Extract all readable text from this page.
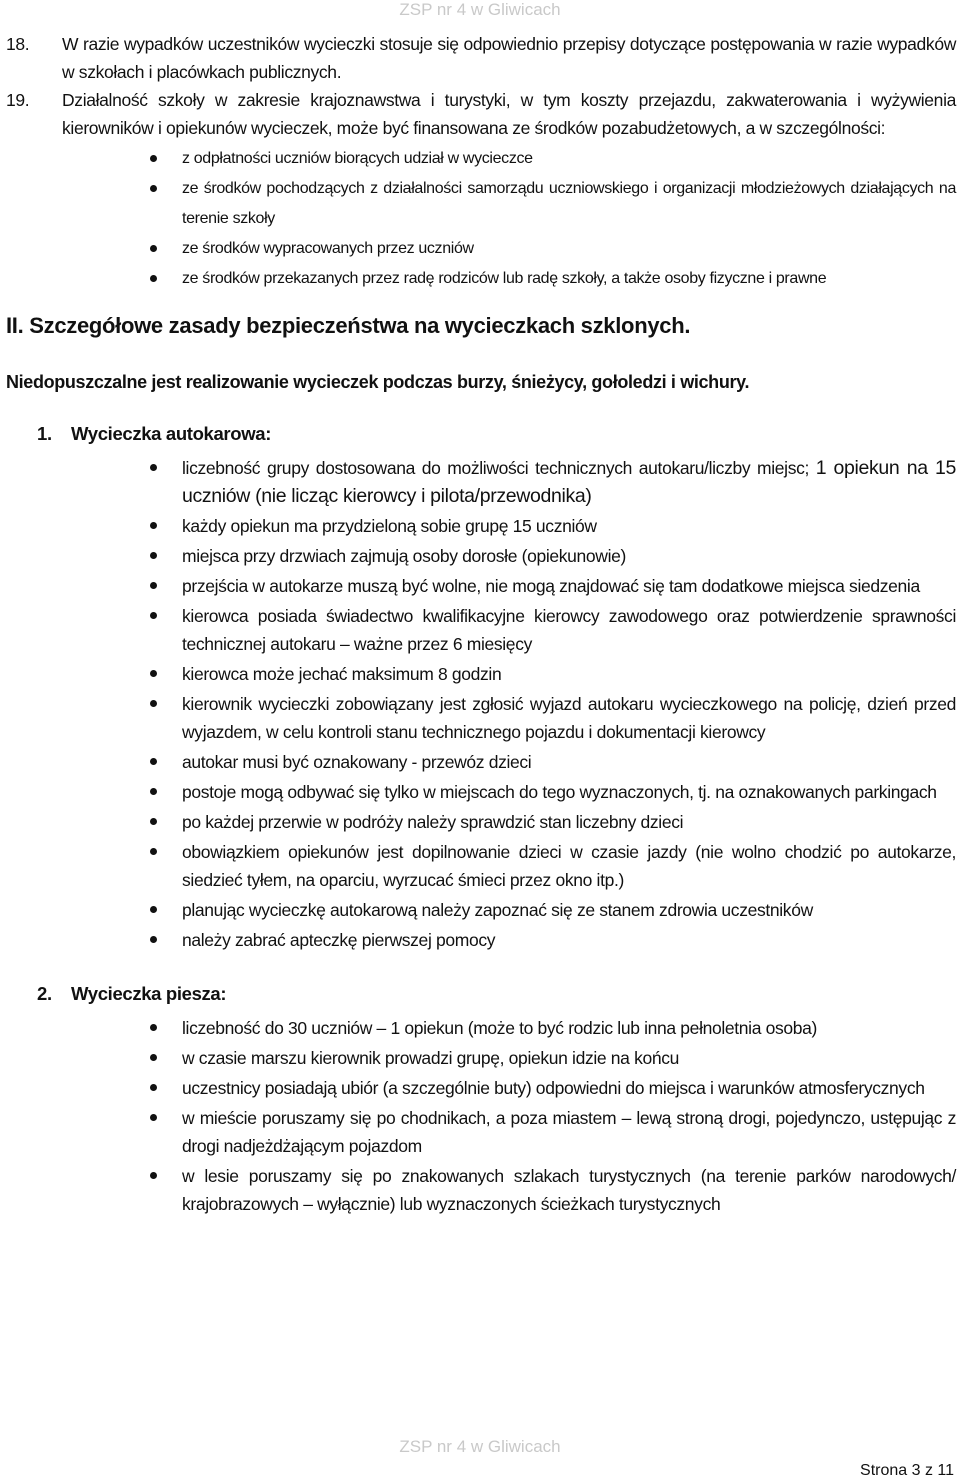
ZSP nr 4 w Gliwicach
18.	W razie wypadków uczestników wycieczki stosuje się odpowiednio przepisy dotyczące postępowania w razie wypadków w szkołach i placówkach publicznych.
19.	Działalność szkoły w zakresie krajoznawstwa i turystyki, w tym koszty przejazdu, zakwaterowania i wyżywienia kierowników i opiekunów wycieczek, może być finansowana ze środków pozabudżetowych, a w szczególności:
z odpłatności uczniów biorących udział w wycieczce
ze środków pochodzących z działalności samorządu uczniowskiego i organizacji młodzieżowych działających na terenie szkoły
ze środków wypracowanych przez uczniów
ze środków przekazanych przez radę rodziców lub radę szkoły, a także osoby fizyczne i prawne
II. Szczegółowe zasady bezpieczeństwa na wycieczkach szklonych.
Niedopuszczalne jest realizowanie wycieczek podczas burzy, śnieżycy, gołoledzi i wichury.
1. Wycieczka autokarowa:
liczebność grupy dostosowana do możliwości technicznych autokaru/liczby miejsc; 1 opiekun na 15 uczniów (nie licząc kierowcy i pilota/przewodnika)
każdy opiekun ma przydzieloną sobie grupę 15 uczniów
miejsca przy drzwiach zajmują osoby dorosłe (opiekunowie)
przejścia w autokarze muszą być wolne, nie mogą znajdować się tam dodatkowe miejsca siedzenia
kierowca posiada świadectwo kwalifikacyjne kierowcy zawodowego oraz potwierdzenie sprawności technicznej autokaru – ważne przez 6 miesięcy
kierowca może jechać maksimum 8 godzin
kierownik wycieczki zobowiązany jest zgłosić wyjazd autokaru wycieczkowego na policję, dzień przed wyjazdem, w celu kontroli stanu technicznego pojazdu i dokumentacji kierowcy
autokar musi być oznakowany - przewóz dzieci
postoje mogą odbywać się tylko w miejscach do tego wyznaczonych, tj. na oznakowanych parkingach
po każdej przerwie w podróży należy sprawdzić stan liczebny dzieci
obowiązkiem opiekunów jest dopilnowanie dzieci w czasie jazdy (nie wolno chodzić po autokarze, siedzieć tyłem, na oparciu, wyrzucać śmieci przez okno itp.)
planując wycieczkę autokarową należy zapoznać się ze stanem zdrowia uczestników
należy zabrać apteczkę pierwszej pomocy
2. Wycieczka piesza:
liczebność do 30 uczniów – 1 opiekun (może to być rodzic lub inna pełnoletnia osoba)
w czasie marszu kierownik prowadzi grupę, opiekun idzie na końcu
uczestnicy posiadają ubiór (a szczególnie buty) odpowiedni do miejsca i warunków atmosferycznych
w mieście poruszamy się po chodnikach, a poza miastem – lewą stroną drogi, pojedynczo, ustępując z drogi nadjeżdżającym pojazdom
w lesie poruszamy się po znakowanych szlakach turystycznych (na terenie parków narodowych/ krajobrazowych – wyłącznie) lub wyznaczonych ścieżkach turystycznych
ZSP nr 4 w Gliwicach
Strona 3 z 11
